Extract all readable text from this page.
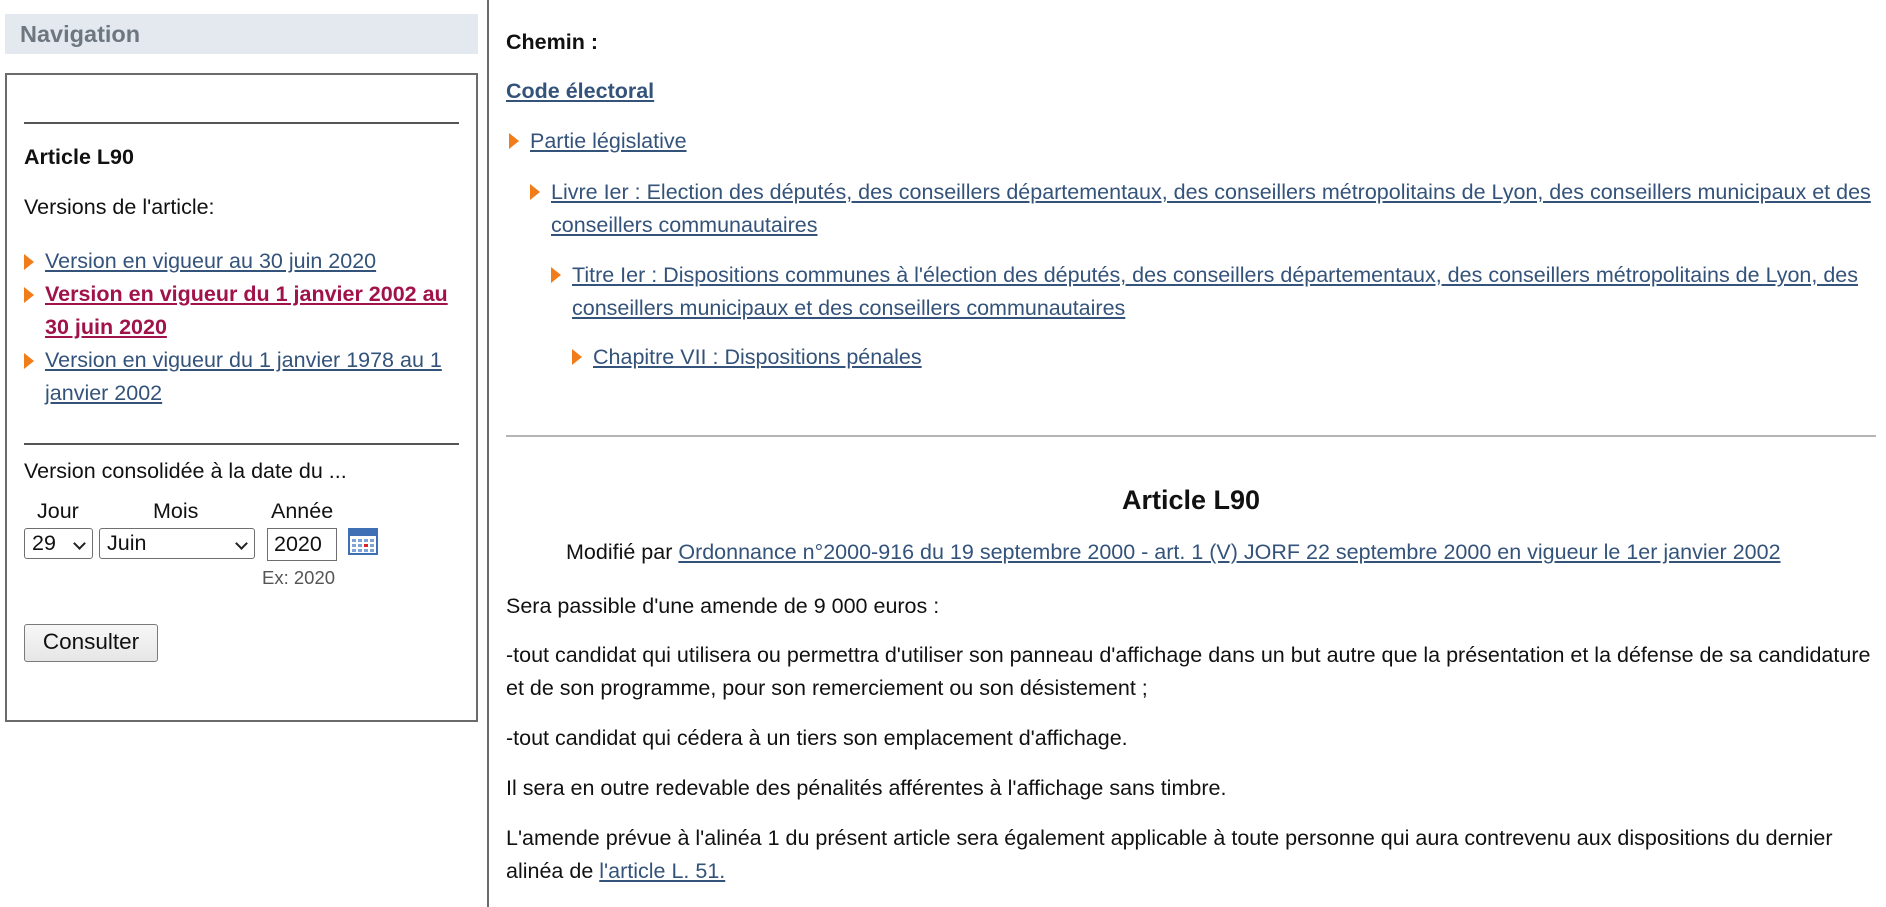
Navigation
Article L90
Versions de l'article:
Version en vigueur au 30 juin 2020
Version en vigueur du 1 janvier 2002 au 30 juin 2020
Version en vigueur du 1 janvier 1978 au 1 janvier 2002
Version consolidée à la date du ...
Jour	Mois	Année
29	Juin	2020
Ex: 2020
Consulter
Chemin :
Code électoral
Partie législative
Livre Ier : Election des députés, des conseillers départementaux, des conseillers métropolitains de Lyon, des conseillers municipaux et des conseillers communautaires
Titre Ier : Dispositions communes à l'élection des députés, des conseillers départementaux, des conseillers métropolitains de Lyon, des conseillers municipaux et des conseillers communautaires
Chapitre VII : Dispositions pénales
Article L90
Modifié par Ordonnance n°2000-916 du 19 septembre 2000 - art. 1 (V) JORF 22 septembre 2000 en vigueur le 1er janvier 2002

Sera passible d'une amende de 9 000 euros :

-tout candidat qui utilisera ou permettra d'utiliser son panneau d'affichage dans un but autre que la présentation et la défense de sa candidature et de son programme, pour son remerciement ou son désistement ;

-tout candidat qui cédera à un tiers son emplacement d'affichage.

Il sera en outre redevable des pénalités afférentes à l'affichage sans timbre.

L'amende prévue à l'alinéa 1 du présent article sera également applicable à toute personne qui aura contrevenu aux dispositions du dernier alinéa de l'article L. 51.
